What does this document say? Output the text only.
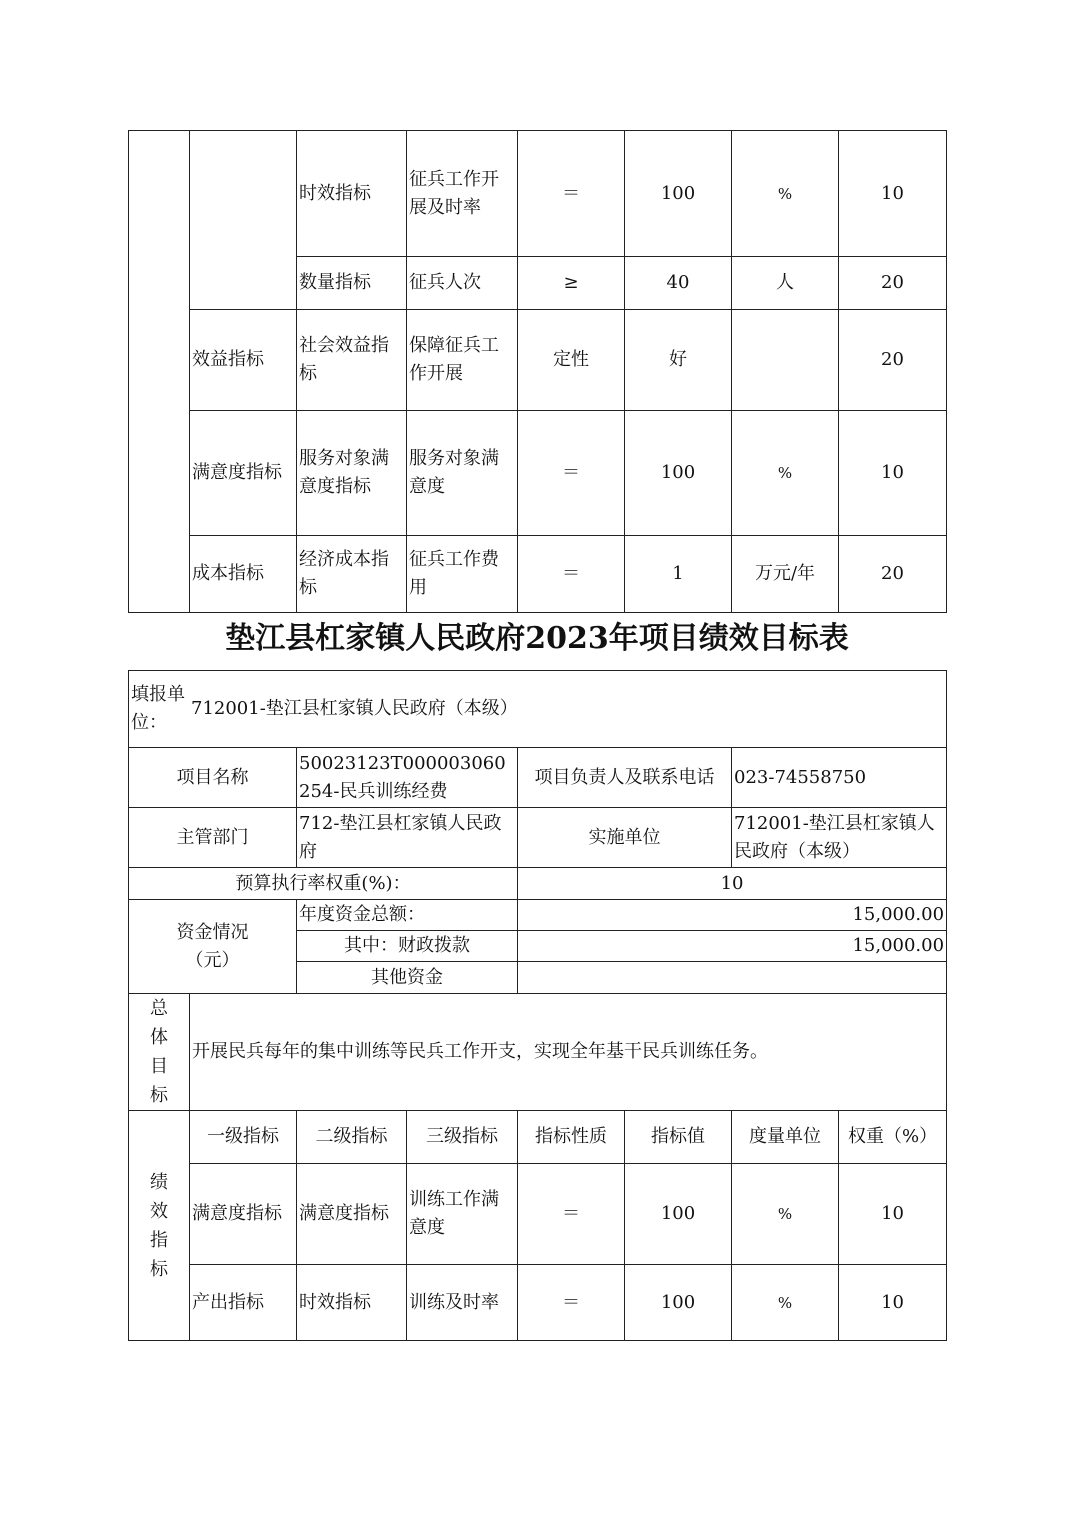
		时效指标	征兵工作开展及时率	＝	100	%	10
		数量指标	征兵人次	≥	40	人	20
	效益指标	社会效益指标	保障征兵工作开展	定性	好		20
	满意度指标	服务对象满意度指标	服务对象满意度	＝	100	%	10
	成本指标	经济成本指标	征兵工作费用	＝	1	万元/年	20
垫江县杠家镇人民政府2023年项目绩效目标表
填报单位：
712001-垫江县杠家镇人民政府（本级）							

项目名称		50023123T000003060254-民兵训练经费		项目负责人及联系电话		023-74558750	
主管部门		712-垫江县杠家镇人民政府		实施单位		712001-垫江县杠家镇人民政府（本级）	
预算执行率权重(%)：				10			

资金情况（元）		年度资金总额：		15,000.00			
		其中：财政拨款		15,000.00			
		其他资金					

总体目标	开展民兵每年的集中训练等民兵工作开支，实现全年基干民兵训练任务。						

绩效指标	一级指标	二级指标	三级指标	指标性质	指标值	度量单位	权重（%）
	满意度指标	满意度指标	训练工作满意度	＝	100	%	10
	产出指标	时效指标	训练及时率	＝	100	%	10
